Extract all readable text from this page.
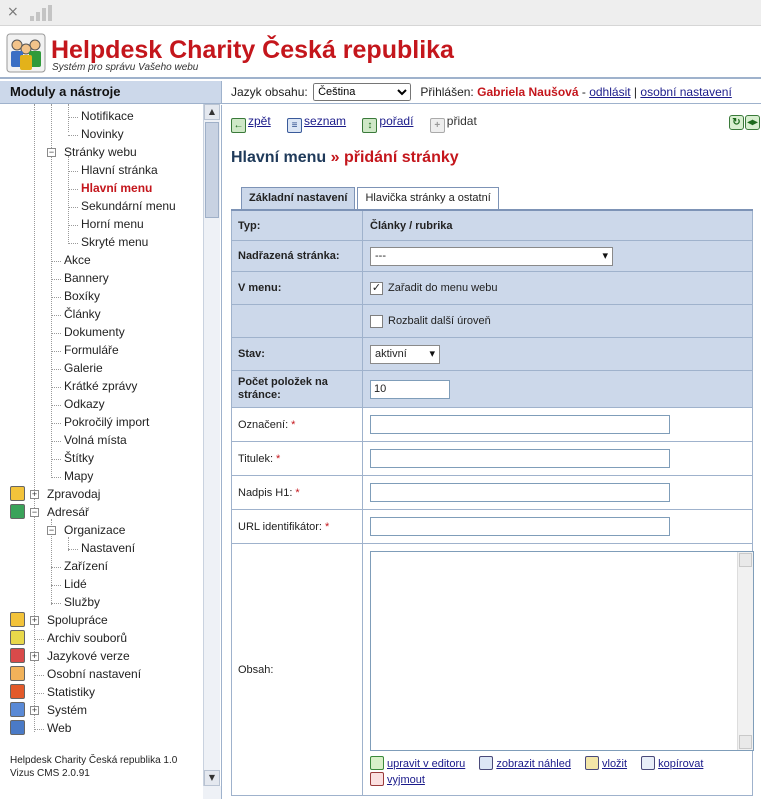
×
Helpdesk Charity Česká republika
Systém pro správu Vašeho webu
Moduly a nástroje	Jazyk obsahu:
Čeština	Přihlášen: Gabriela Naušová - odhlásit | osobní nastavení
Notifikace
Novinky
− Stránky webu
Hlavní stránka
Hlavní menu
Sekundární menu
Horní menu
Skryté menu
Akce
Bannery
Boxíky
Články
Dokumenty
Formuláře
Galerie
Krátké zprávy
Odkazy
Pokročilý import
Volná místa
Štítky
Mapy
+ Zpravodaj
− Adresář
− Organizace
Nastavení
Zařízení
Lidé
Služby
+ Spolupráce
Archiv souborů
+ Jazykové verze
Osobní nastavení
Statistiky
+ Systém
Web
Helpdesk Charity Česká republika 1.0
Vizus CMS 2.0.91
▲
▼
← zpět ≡ seznam ↕ pořadí + přidat	↻ ◂▸
Hlavní menu » přidání stránky
Základní nastavení Hlavička stránky a ostatní
Typ:	Články / rubrika
Nadřazená stránka:	--- ▾
V menu:	✓ Zařadit do menu webu
Rozbalit další úroveň
Stav:	aktivní ▾
Počet položek na stránce:
10
Označení: *
Titulek: *
Nadpis H1: *
URL identifikátor: *
Obsah:
upravit v editoru	zobrazit náhled	vložit	kopírovat vyjmout
